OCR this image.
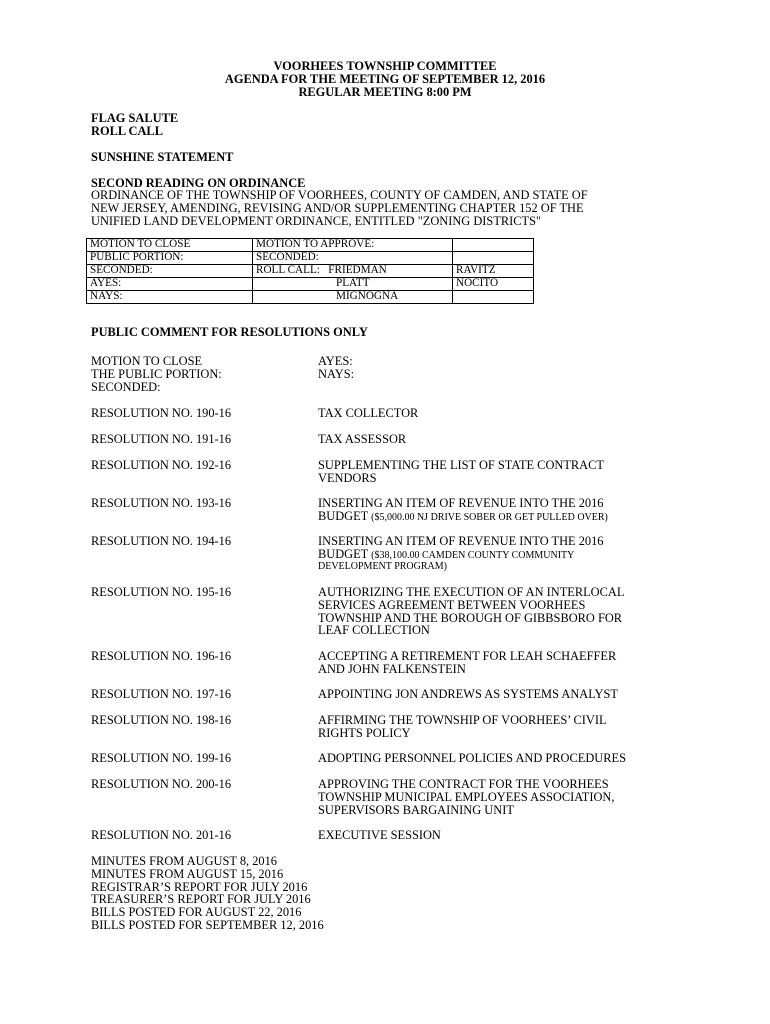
VOORHEES TOWNSHIP COMMITTEE
AGENDA FOR THE MEETING OF SEPTEMBER 12, 2016
REGULAR MEETING 8:00 PM
FLAG SALUTE
ROLL CALL
SUNSHINE STATEMENT
SECOND READING ON ORDINANCE
ORDINANCE OF THE TOWNSHIP OF VOORHEES, COUNTY OF CAMDEN, AND STATE OF
NEW JERSEY, AMENDING, REVISING AND/OR SUPPLEMENTING CHAPTER 152 OF THE
UNIFIED LAND DEVELOPMENT ORDINANCE, ENTITLED "ZONING DISTRICTS"
MOTION TO CLOSE	MOTION TO APPROVE:	
PUBLIC PORTION:	SECONDED:	
SECONDED:	ROLL CALL:   FRIEDMAN	RAVITZ
AYES:	PLATT	NOCITO
NAYS:	MIGNOGNA	
PUBLIC COMMENT FOR RESOLUTIONS ONLY
MOTION TO CLOSE
THE PUBLIC PORTION:
SECONDED:
AYES:
NAYS:
RESOLUTION NO. 190-16	TAX COLLECTOR
RESOLUTION NO. 191-16	TAX ASSESSOR
RESOLUTION NO. 192-16	SUPPLEMENTING THE LIST OF STATE CONTRACT
VENDORS
RESOLUTION NO. 193-16	INSERTING AN ITEM OF REVENUE INTO THE 2016
BUDGET ($5,000.00 NJ DRIVE SOBER OR GET PULLED OVER)
RESOLUTION NO. 194-16	INSERTING AN ITEM OF REVENUE INTO THE 2016
BUDGET ($38,100.00 CAMDEN COUNTY COMMUNITY
DEVELOPMENT PROGRAM)
RESOLUTION NO. 195-16	AUTHORIZING THE EXECUTION OF AN INTERLOCAL
SERVICES AGREEMENT BETWEEN VOORHEES
TOWNSHIP AND THE BOROUGH OF GIBBSBORO FOR
LEAF COLLECTION
RESOLUTION NO. 196-16	ACCEPTING A RETIREMENT FOR LEAH SCHAEFFER
AND JOHN FALKENSTEIN
RESOLUTION NO. 197-16	APPOINTING JON ANDREWS AS SYSTEMS ANALYST
RESOLUTION NO. 198-16	AFFIRMING THE TOWNSHIP OF VOORHEES’ CIVIL
RIGHTS POLICY
RESOLUTION NO. 199-16	ADOPTING PERSONNEL POLICIES AND PROCEDURES
RESOLUTION NO. 200-16	APPROVING THE CONTRACT FOR THE VOORHEES
TOWNSHIP MUNICIPAL EMPLOYEES ASSOCIATION,
SUPERVISORS BARGAINING UNIT
RESOLUTION NO. 201-16	EXECUTIVE SESSION
MINUTES FROM AUGUST 8, 2016
MINUTES FROM AUGUST 15, 2016
REGISTRAR’S REPORT FOR JULY 2016
TREASURER’S REPORT FOR JULY 2016
BILLS POSTED FOR AUGUST 22, 2016
BILLS POSTED FOR SEPTEMBER 12, 2016
